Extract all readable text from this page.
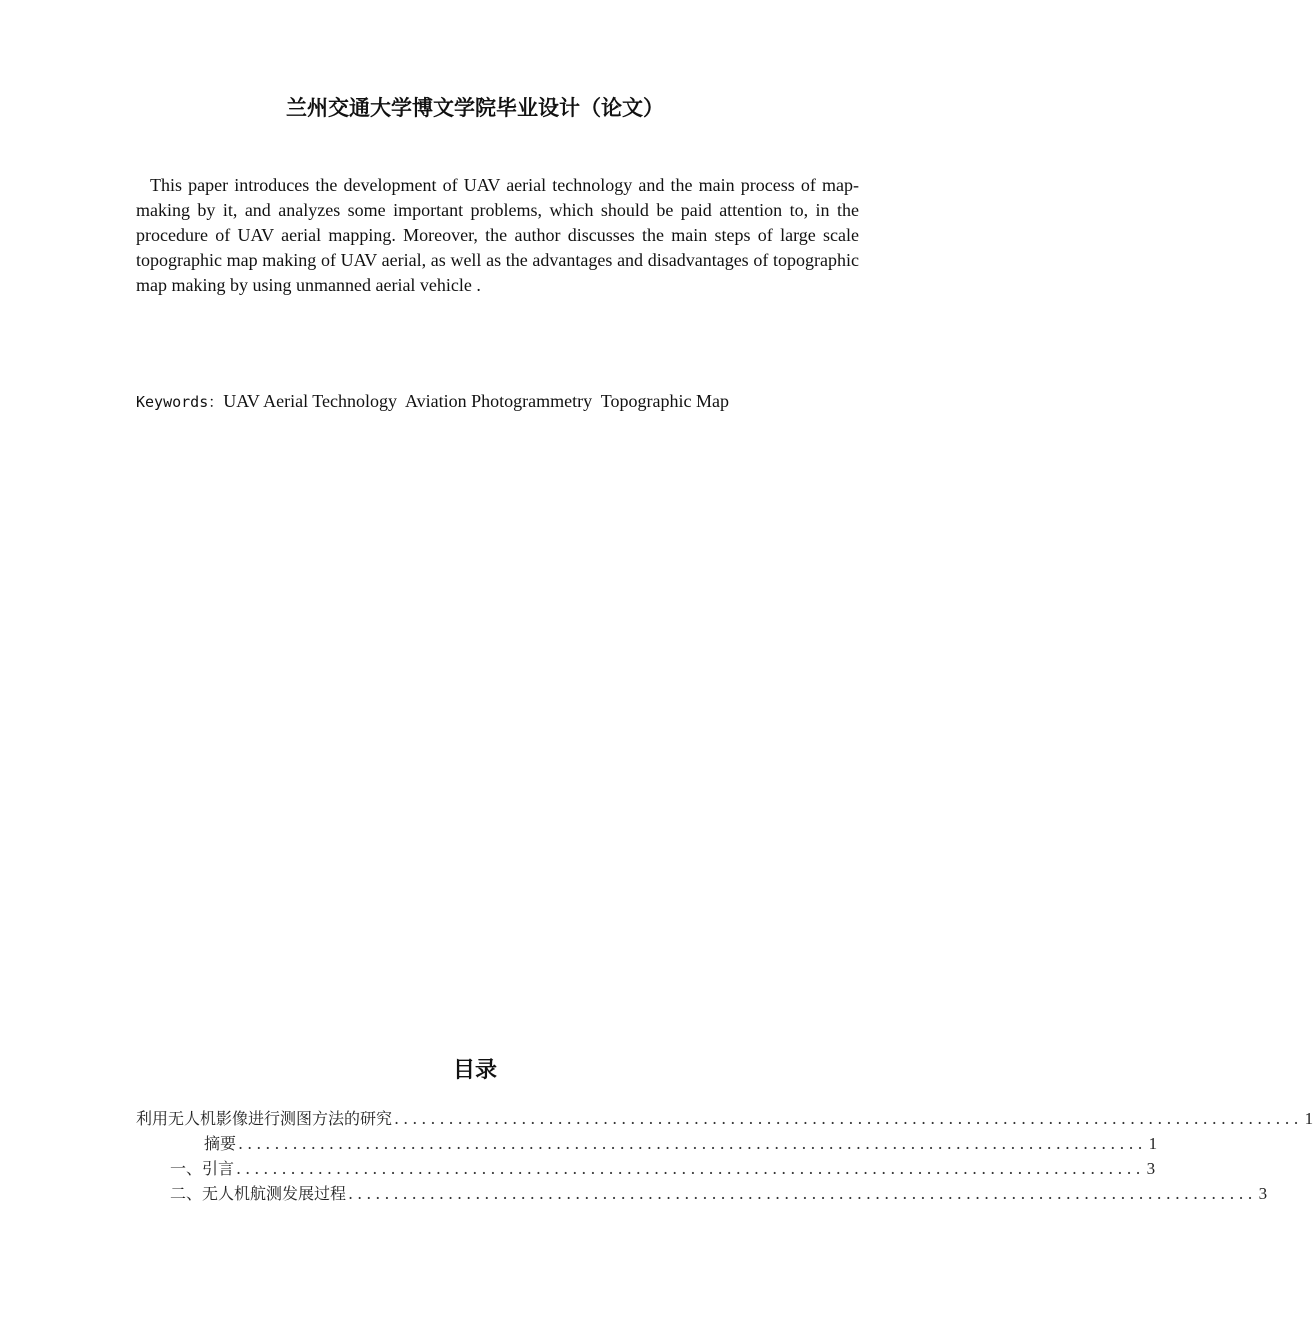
兰州交通大学博文学院毕业设计（论文）

This paper introduces the development of UAV aerial technology and the main process of map-making by it, and analyzes some important problems, which should be paid attention to, in the procedure of UAV aerial mapping. Moreover, the author discusses the main steps of large scale topographic map making of UAV aerial, as well as the advantages and disadvantages of topographic map making by using unmanned aerial vehicle .

Keywords：UAV Aerial Technology  Aviation Photogrammetry  Topographic Map
目录
利用无人机影像进行测图方法的研究 .................................................................................................... 1
摘要 .................................................................................................... 1
一、引言 .................................................................................................... 3
二、无人机航测发展过程 .................................................................................................... 3
